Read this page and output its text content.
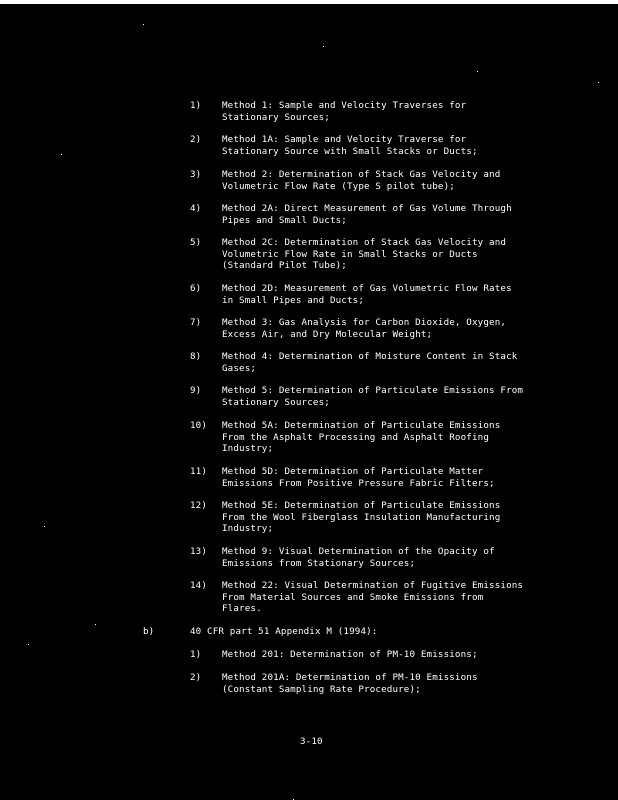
1)	Method 1: Sample and Velocity Traverses for
Stationary Sources;
2)	Method 1A: Sample and Velocity Traverse for
Stationary Source with Small Stacks or Ducts;
3)	Method 2: Determination of Stack Gas Velocity and
Volumetric Flow Rate (Type S pilot tube);
4)	Method 2A: Direct Measurement of Gas Volume Through
Pipes and Small Ducts;
5)	Method 2C: Determination of Stack Gas Velocity and
Volumetric Flow Rate in Small Stacks or Ducts
(Standard Pilot Tube);
6)	Method 2D: Measurement of Gas Volumetric Flow Rates
in Small Pipes and Ducts;
7)	Method 3: Gas Analysis for Carbon Dioxide, Oxygen,
Excess Air, and Dry Molecular Weight;
8)	Method 4: Determination of Moisture Content in Stack
Gases;
9)	Method 5: Determination of Particulate Emissions From
Stationary Sources;
10)	Method 5A: Determination of Particulate Emissions
From the Asphalt Processing and Asphalt Roofing
Industry;
11)	Method 5D: Determination of Particulate Matter
Emissions From Positive Pressure Fabric Filters;
12)	Method 5E: Determination of Particulate Emissions
From the Wool Fiberglass Insulation Manufacturing
Industry;
13)	Method 9: Visual Determination of the Opacity of
Emissions from Stationary Sources;
14)	Method 22: Visual Determination of Fugitive Emissions
From Material Sources and Smoke Emissions from
Flares.
b)	40 CFR part 51 Appendix M (1994):
1)	Method 201: Determination of PM-10 Emissions;
2)	Method 201A: Determination of PM-10 Emissions
(Constant Sampling Rate Procedure);
3-10
